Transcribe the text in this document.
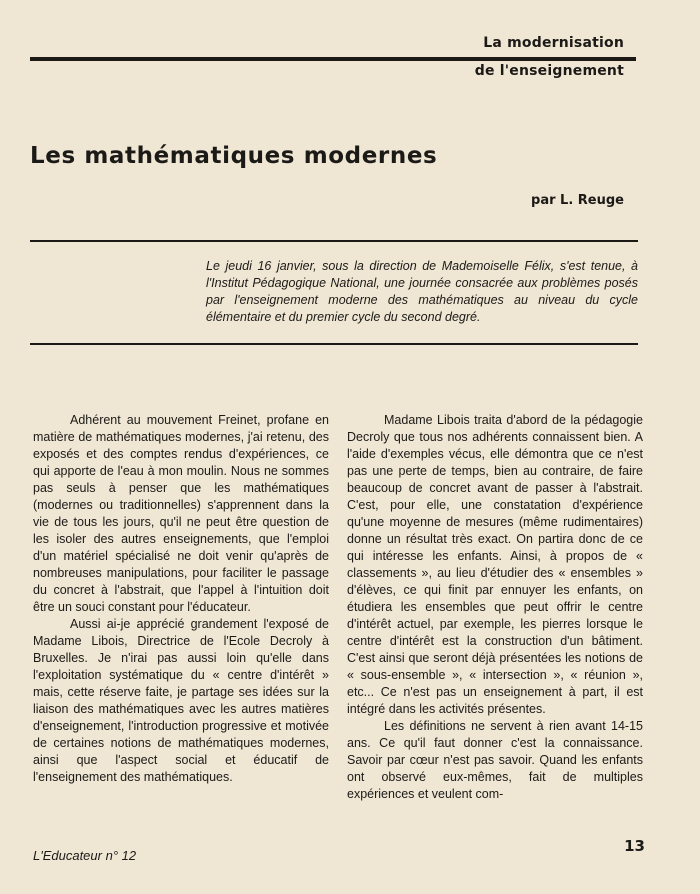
La modernisation
de l'enseignement
Les mathématiques modernes
par L. Reuge

Le jeudi 16 janvier, sous la direction de Mademoiselle Félix, s'est tenue, à l'Institut Pédagogique National, une journée consacrée aux problèmes posés par l'enseignement moderne des mathématiques au niveau du cycle élémentaire et du premier cycle du second degré.

Adhérent au mouvement Freinet, profane en matière de mathématiques modernes, j'ai retenu, des exposés et des comptes rendus d'expériences, ce qui apporte de l'eau à mon moulin. Nous ne sommes pas seuls à penser que les mathématiques (modernes ou traditionnelles) s'apprennent dans la vie de tous les jours, qu'il ne peut être question de les isoler des autres enseignements, que l'emploi d'un matériel spécialisé ne doit venir qu'après de nombreuses manipulations, pour faciliter le passage du concret à l'abstrait, que l'appel à l'intuition doit être un souci constant pour l'éducateur.

Aussi ai-je apprécié grandement l'exposé de Madame Libois, Directrice de l'Ecole Decroly à Bruxelles. Je n'irai pas aussi loin qu'elle dans l'exploitation systématique du « centre d'intérêt » mais, cette réserve faite, je partage ses idées sur la liaison des mathématiques avec les autres matières d'enseignement, l'introduction progressive et motivée de certaines notions de mathématiques modernes, ainsi que l'aspect social et éducatif de l'enseignement des mathématiques.

Madame Libois traita d'abord de la pédagogie Decroly que tous nos adhérents connaissent bien. A l'aide d'exemples vécus, elle démontra que ce n'est pas une perte de temps, bien au contraire, de faire beaucoup de concret avant de passer à l'abstrait. C'est, pour elle, une constatation d'expérience qu'une moyenne de mesures (même rudimentaires) donne un résultat très exact. On partira donc de ce qui intéresse les enfants. Ainsi, à propos de « classements », au lieu d'étudier des « ensembles » d'élèves, ce qui finit par ennuyer les enfants, on étudiera les ensembles que peut offrir le centre d'intérêt actuel, par exemple, les pierres lorsque le centre d'intérêt est la construction d'un bâtiment. C'est ainsi que seront déjà présentées les notions de « sous-ensemble », « intersection », « réunion », etc... Ce n'est pas un enseignement à part, il est intégré dans les activités présentes.

Les définitions ne servent à rien avant 14-15 ans. Ce qu'il faut donner c'est la connaissance. Savoir par cœur n'est pas savoir. Quand les enfants ont observé eux-mêmes, fait de multiples expériences et veulent com-

L'Educateur n° 12
13
